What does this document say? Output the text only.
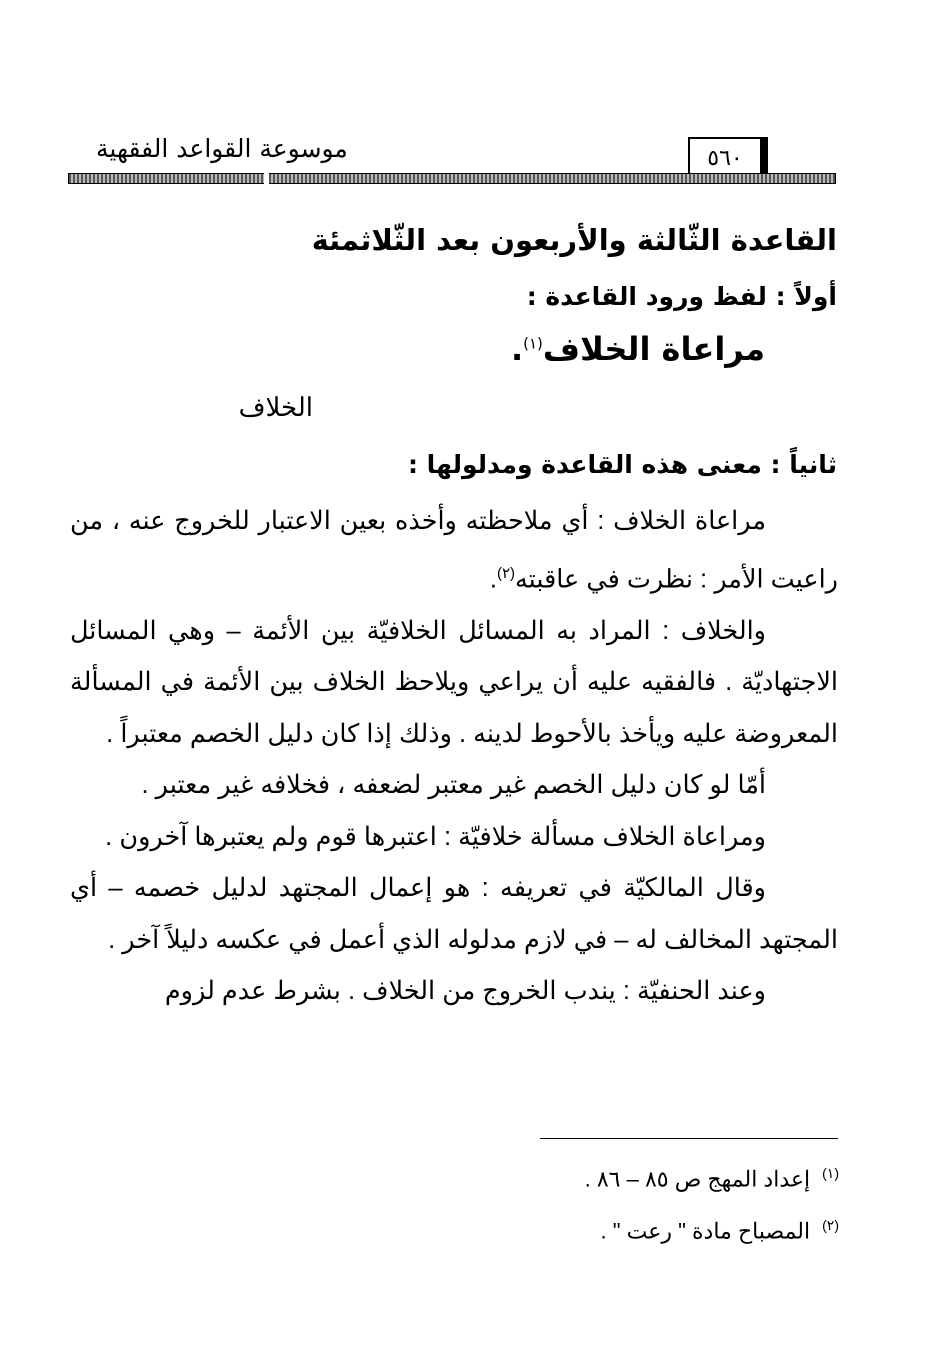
موسوعة القواعد الفقهية	٥٦٠
القاعدة الثّالثة والأربعون بعد الثّلاثمئة
أولاً : لفظ ورود القاعدة :
مراعاة الخلاف$^{(١)}$.
الخلاف
ثانياً : معنى هذه القاعدة ومدلولها :
مراعاة الخلاف : أي ملاحظته وأخذه بعين الاعتبار للخروج عنه ، من راعيت الأمر : نظرت في عاقبته$^{(٢)}$.
والخلاف : المراد به المسائل الخلافيّة بين الأئمة – وهي المسائل الاجتهاديّة . فالفقيه عليه أن يراعي ويلاحظ الخلاف بين الأئمة في المسألة المعروضة عليه ويأخذ بالأحوط لدينه . وذلك إذا كان دليل الخصم معتبراً .
أمّا لو كان دليل الخصم غير معتبر لضعفه ، فخلافه غير معتبر .
ومراعاة الخلاف مسألة خلافيّة : اعتبرها قوم ولم يعتبرها آخرون .
وقال المالكيّة في تعريفه : هو إعمال المجتهد لدليل خصمه – أي المجتهد المخالف له – في لازم مدلوله الذي أعمل في عكسه دليلاً آخر .
وعند الحنفيّة : يندب الخروج من الخلاف . بشرط عدم لزوم
$^{(١)}$إعداد المهج ص ٨٥ – ٨٦ .
$^{(٢)}$المصباح مادة " رعت " .
